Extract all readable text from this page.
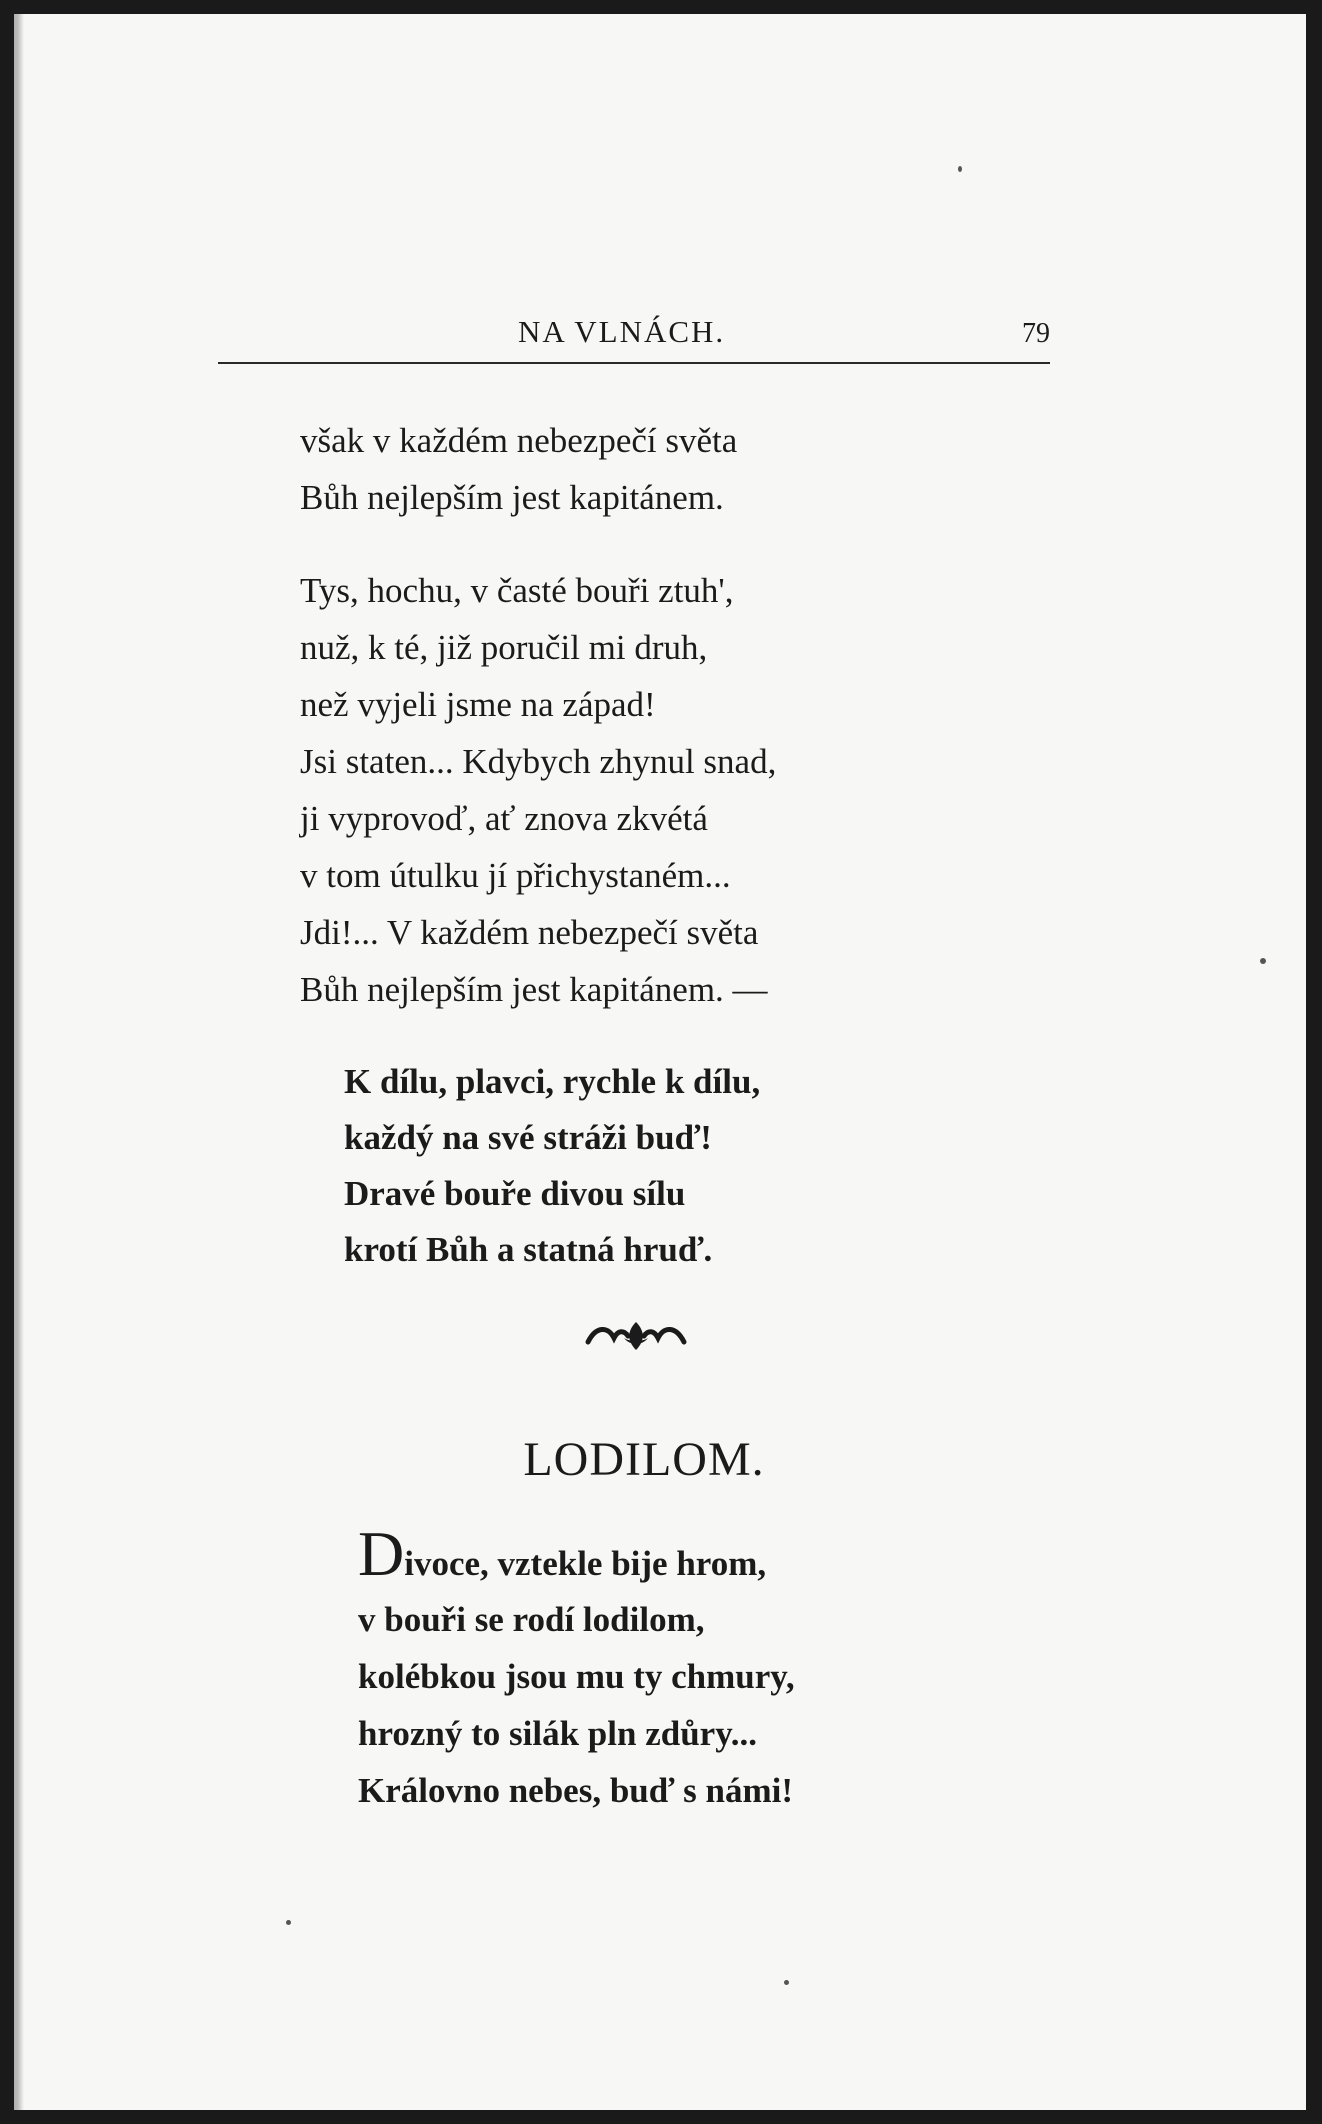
NA VLNÁCH.	79
však v každém nebezpečí světa
Bůh nejlepším jest kapitánem.
Tys, hochu, v časté bouři ztuh',
nuž, k té, již poručil mi druh,
než vyjeli jsme na západ!
Jsi staten... Kdybych zhynul snad,
ji vyprovoď, ať znova zkvétá
v tom útulku jí přichystaném...
Jdi!... V každém nebezpečí světa
Bůh nejlepším jest kapitánem. —
K dílu, plavci, rychle k dílu,
každý na své stráži buď!
Dravé bouře divou sílu
krotí Bůh a statná hruď.
LODILOM.
Divoce, vztekle bije hrom,
v bouři se rodí lodilom,
kolébkou jsou mu ty chmury,
hrozný to silák pln zdůry...
Královno nebes, buď s námi!
